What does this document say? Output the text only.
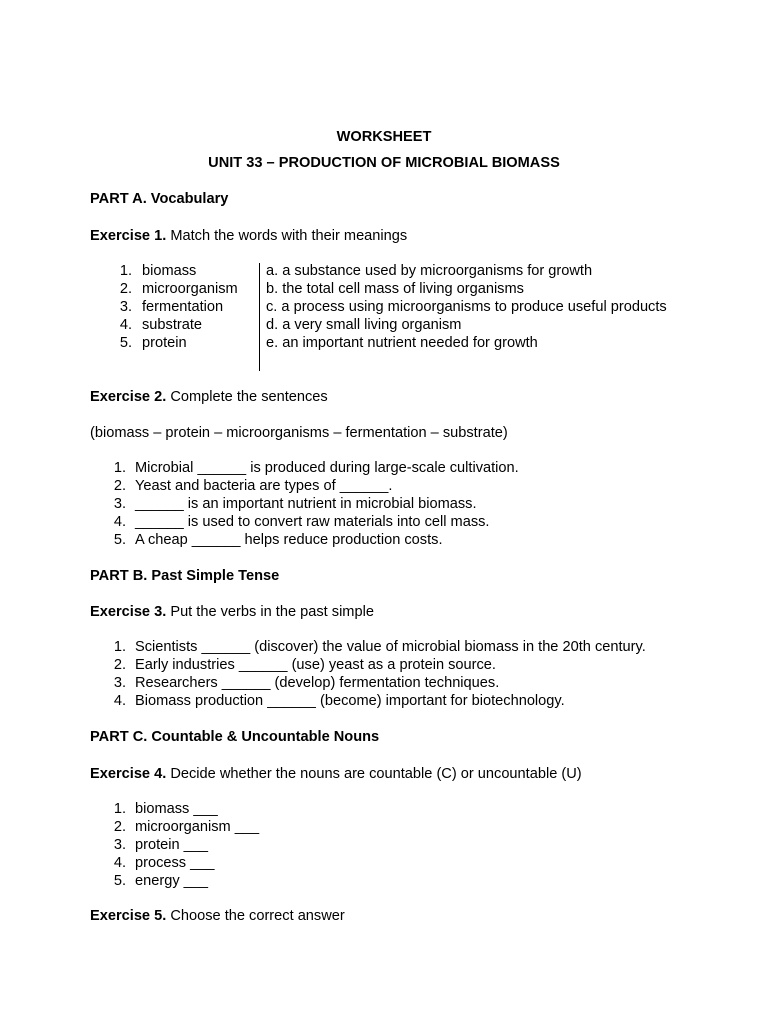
WORKSHEET
UNIT 33 – PRODUCTION OF MICROBIAL BIOMASS
PART A. Vocabulary
Exercise 1. Match the words with their meanings
1. biomass
2. microorganism
3. fermentation
4. substrate
5. protein
a. a substance used by microorganisms for growth
b. the total cell mass of living organisms
c. a process using microorganisms to produce useful products
d. a very small living organism
e. an important nutrient needed for growth
Exercise 2. Complete the sentences
(biomass – protein – microorganisms – fermentation – substrate)
1. Microbial ______ is produced during large-scale cultivation.
2. Yeast and bacteria are types of ______.
3. ______ is an important nutrient in microbial biomass.
4. ______ is used to convert raw materials into cell mass.
5. A cheap ______ helps reduce production costs.
PART B. Past Simple Tense
Exercise 3. Put the verbs in the past simple
1. Scientists ______ (discover) the value of microbial biomass in the 20th century.
2. Early industries ______ (use) yeast as a protein source.
3. Researchers ______ (develop) fermentation techniques.
4. Biomass production ______ (become) important for biotechnology.
PART C. Countable & Uncountable Nouns
Exercise 4. Decide whether the nouns are countable (C) or uncountable (U)
1. biomass ___
2. microorganism ___
3. protein ___
4. process ___
5. energy ___
Exercise 5. Choose the correct answer
